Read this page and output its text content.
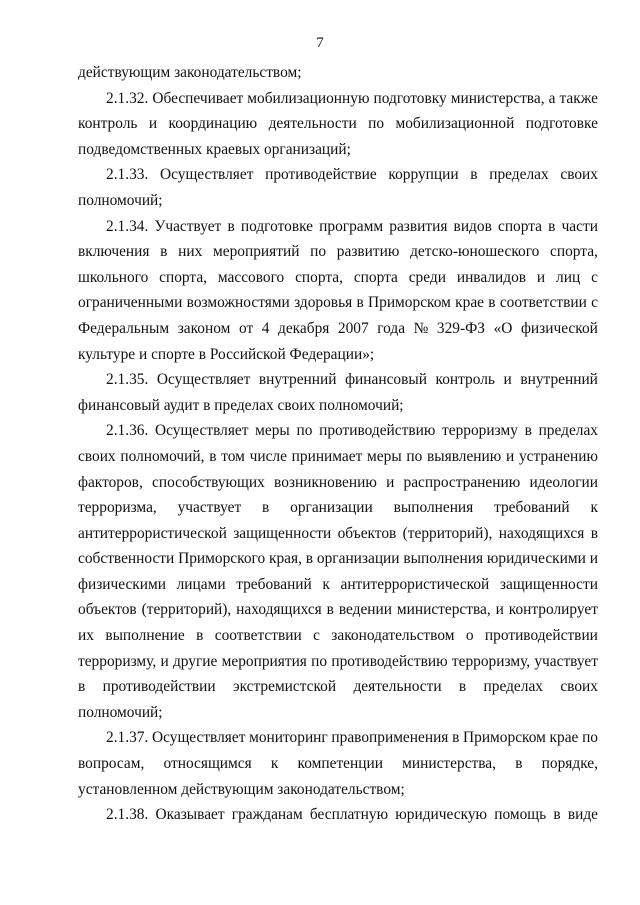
7
действующим законодательством;
2.1.32. Обеспечивает мобилизационную подготовку министерства, а также
контроль и координацию деятельности по мобилизационной подготовке
подведомственных краевых организаций;
2.1.33. Осуществляет противодействие коррупции в пределах своих
полномочий;
2.1.34. Участвует в подготовке программ развития видов спорта в части
включения в них мероприятий по развитию детско-юношеского спорта,
школьного спорта, массового спорта, спорта среди инвалидов и лиц с
ограниченными возможностями здоровья в Приморском крае в соответствии с
Федеральным законом от 4 декабря 2007 года № 329-ФЗ «О физической
культуре и спорте в Российской Федерации»;
2.1.35. Осуществляет внутренний финансовый контроль и внутренний
финансовый аудит в пределах своих полномочий;
2.1.36. Осуществляет меры по противодействию терроризму в пределах
своих полномочий, в том числе принимает меры по выявлению и устранению
факторов, способствующих возникновению и распространению идеологии
терроризма, участвует в организации выполнения требований к
антитеррористической защищенности объектов (территорий), находящихся в
собственности Приморского края, в организации выполнения юридическими и
физическими лицами требований к антитеррористической защищенности
объектов (территорий), находящихся в ведении министерства, и контролирует
их выполнение в соответствии с законодательством о противодействии
терроризму, и другие мероприятия по противодействию терроризму, участвует
в противодействии экстремистской деятельности в пределах своих
полномочий;
2.1.37. Осуществляет мониторинг правоприменения в Приморском крае по
вопросам, относящимся к компетенции министерства, в порядке,
установленном действующим законодательством;
2.1.38. Оказывает гражданам бесплатную юридическую помощь в виде
